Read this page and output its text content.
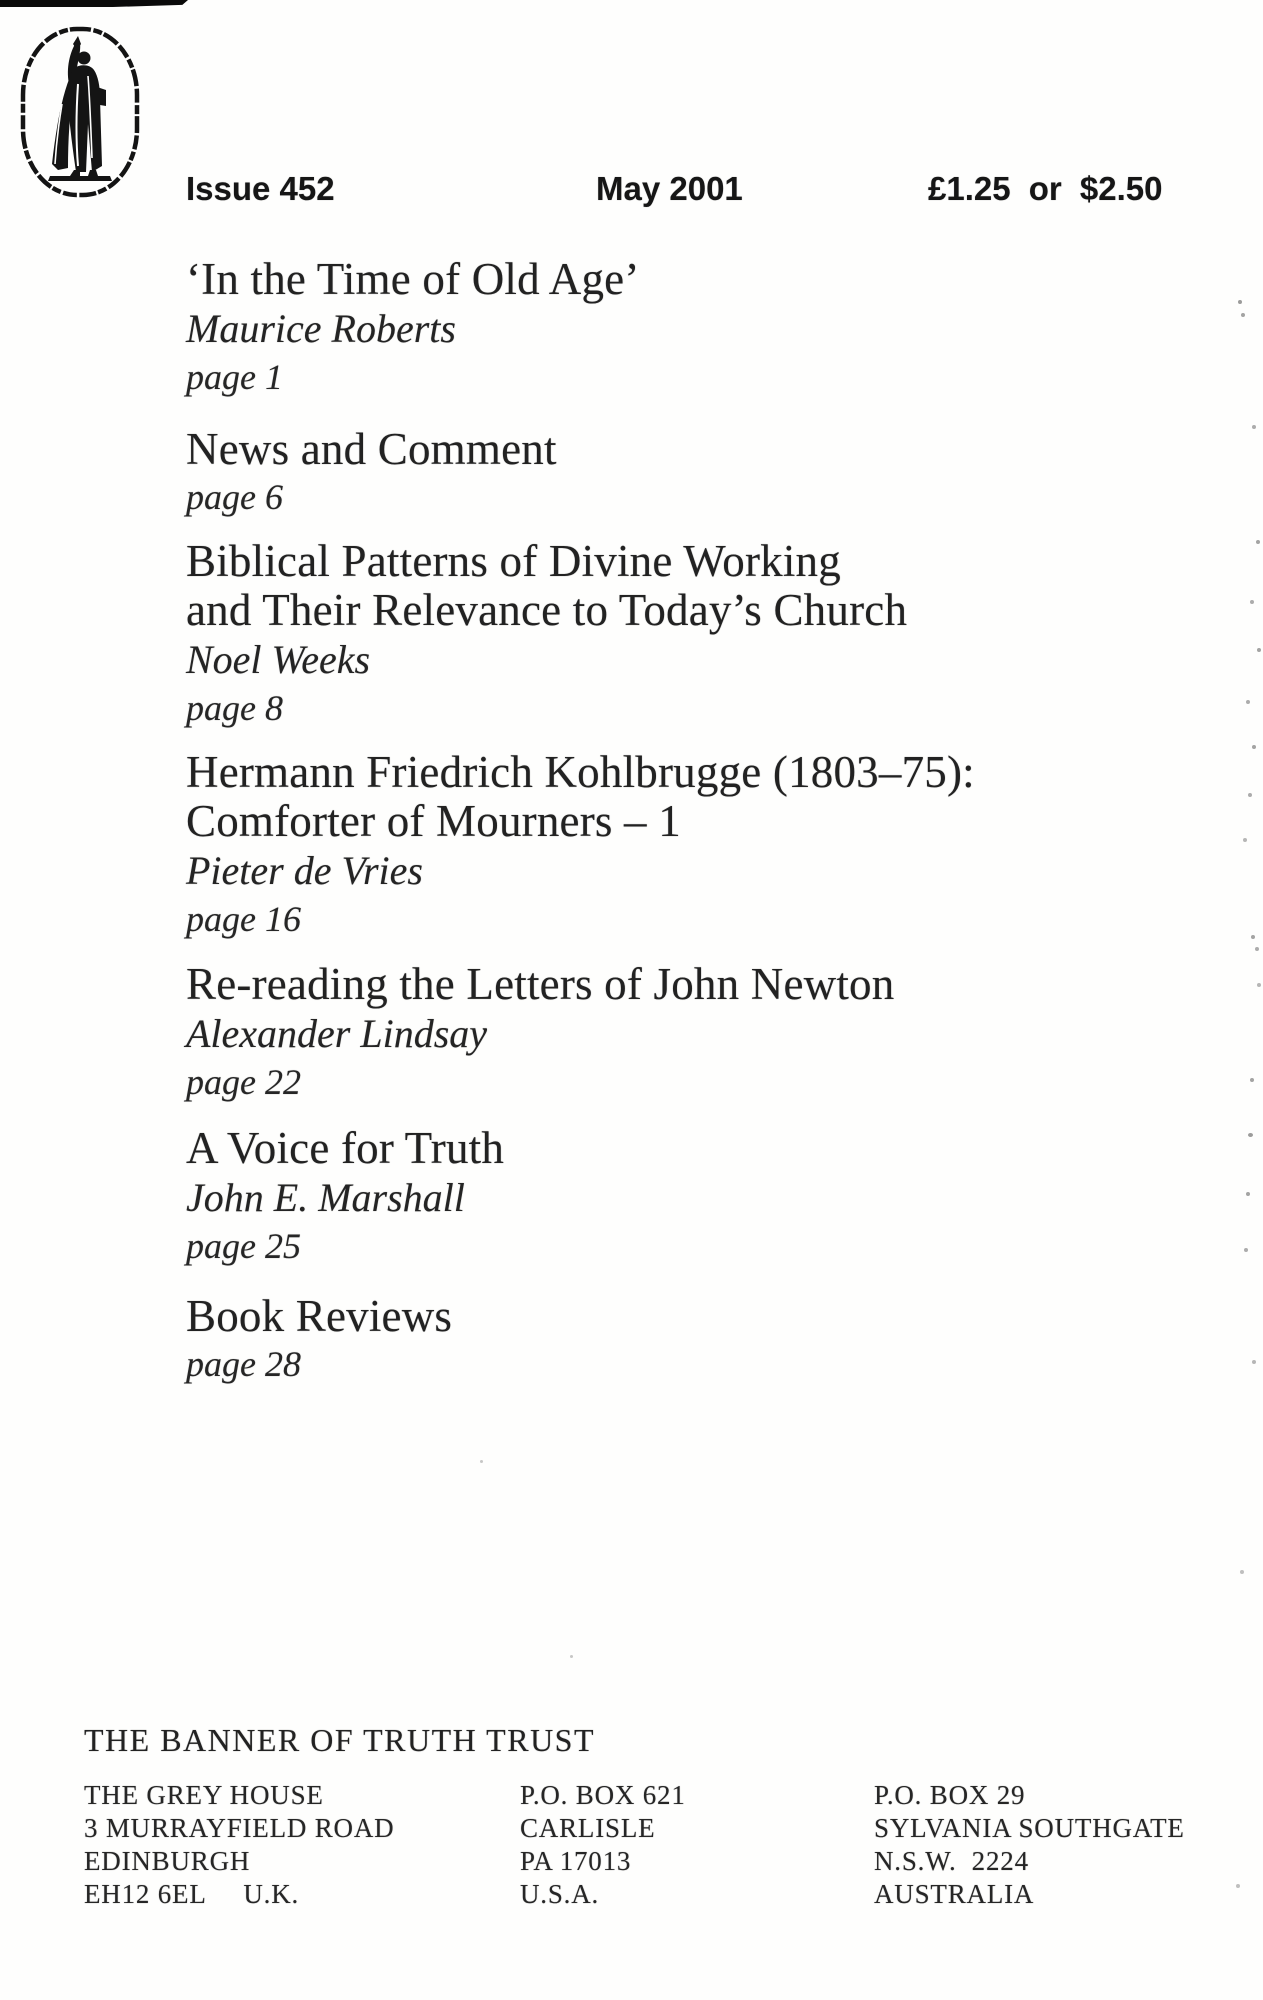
Issue 452	May 2001	£1.25 or $2.50
‘In the Time of Old Age’
Maurice Roberts
page 1
News and Comment
page 6
Biblical Patterns of Divine Working
and Their Relevance to Today’s Church
Noel Weeks
page 8
Hermann Friedrich Kohlbrugge (1803–75):
Comforter of Mourners – 1
Pieter de Vries
page 16
Re-reading the Letters of John Newton
Alexander Lindsay
page 22
A Voice for Truth
John E. Marshall
page 25
Book Reviews
page 28
THE BANNER OF TRUTH TRUST
THE GREY HOUSE
3 MURRAYFIELD ROAD
EDINBURGH
EH12 6EL     U.K.
P.O. BOX 621
CARLISLE
PA 17013
U.S.A.
P.O. BOX 29
SYLVANIA SOUTHGATE
N.S.W.  2224
AUSTRALIA
